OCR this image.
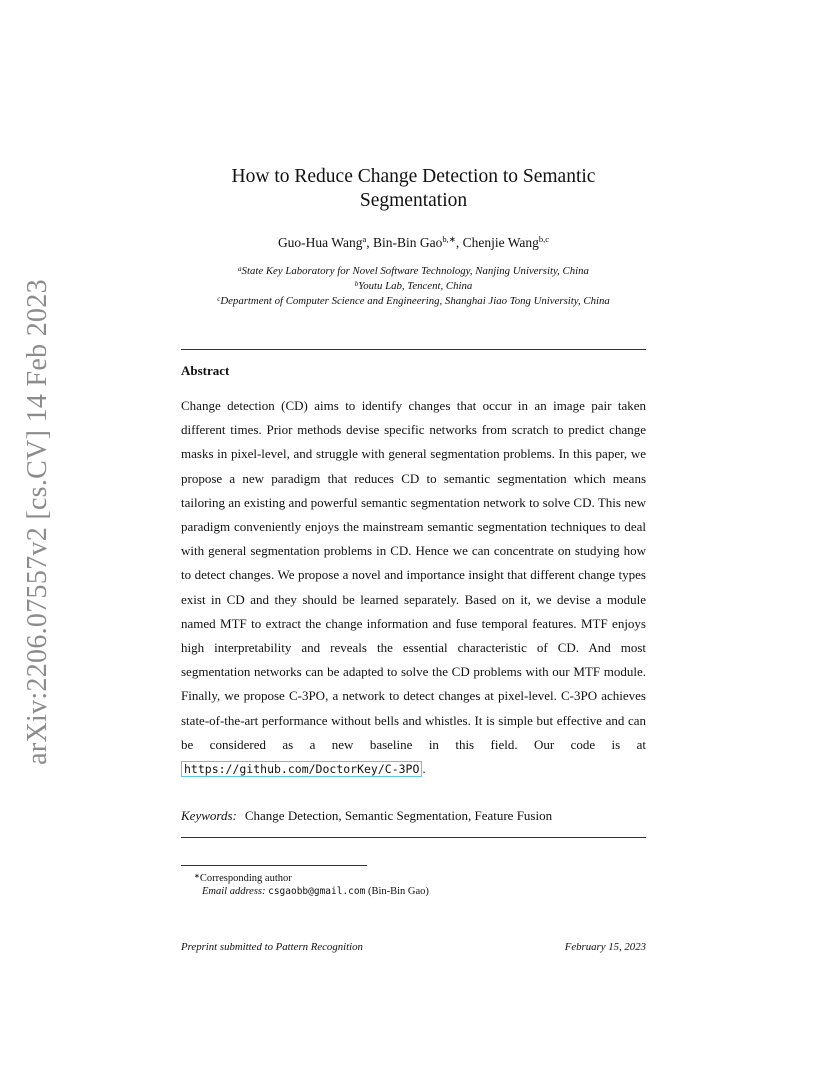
arXiv:2206.07557v2 [cs.CV] 14 Feb 2023
How to Reduce Change Detection to Semantic
Segmentation
Guo-Hua Wang$^a$, Bin-Bin Gao$^{b,∗}$, Chenjie Wang$^{b,c}$
$^a$State Key Laboratory for Novel Software Technology, Nanjing University, China
$^b$Youtu Lab, Tencent, China
$^c$Department of Computer Science and Engineering, Shanghai Jiao Tong University, China
Abstract
Change detection (CD) aims to identify changes that occur in an image pair taken different times. Prior methods devise specific networks from scratch to predict change masks in pixel-level, and struggle with general segmentation problems. In this paper, we propose a new paradigm that reduces CD to semantic segmentation which means tailoring an existing and powerful semantic segmentation network to solve CD. This new paradigm conveniently enjoys the mainstream semantic segmentation techniques to deal with general segmentation problems in CD. Hence we can concentrate on studying how to detect changes. We propose a novel and importance insight that different change types exist in CD and they should be learned separately. Based on it, we devise a module named MTF to extract the change information and fuse temporal features. MTF enjoys high interpretability and reveals the essential characteristic of CD. And most segmentation networks can be adapted to solve the CD problems with our MTF module. Finally, we propose C-3PO, a network to detect changes at pixel-level. C-3PO achieves state-of-the-art performance without bells and whistles. It is simple but effective and can be considered as a new baseline in this field. Our code is at https://github.com/DoctorKey/C-3PO .
Keywords: Change Detection, Semantic Segmentation, Feature Fusion
∗Corresponding author
Email address: csgaobb@gmail.com (Bin-Bin Gao)
Preprint submitted to Pattern Recognition	February 15, 2023
